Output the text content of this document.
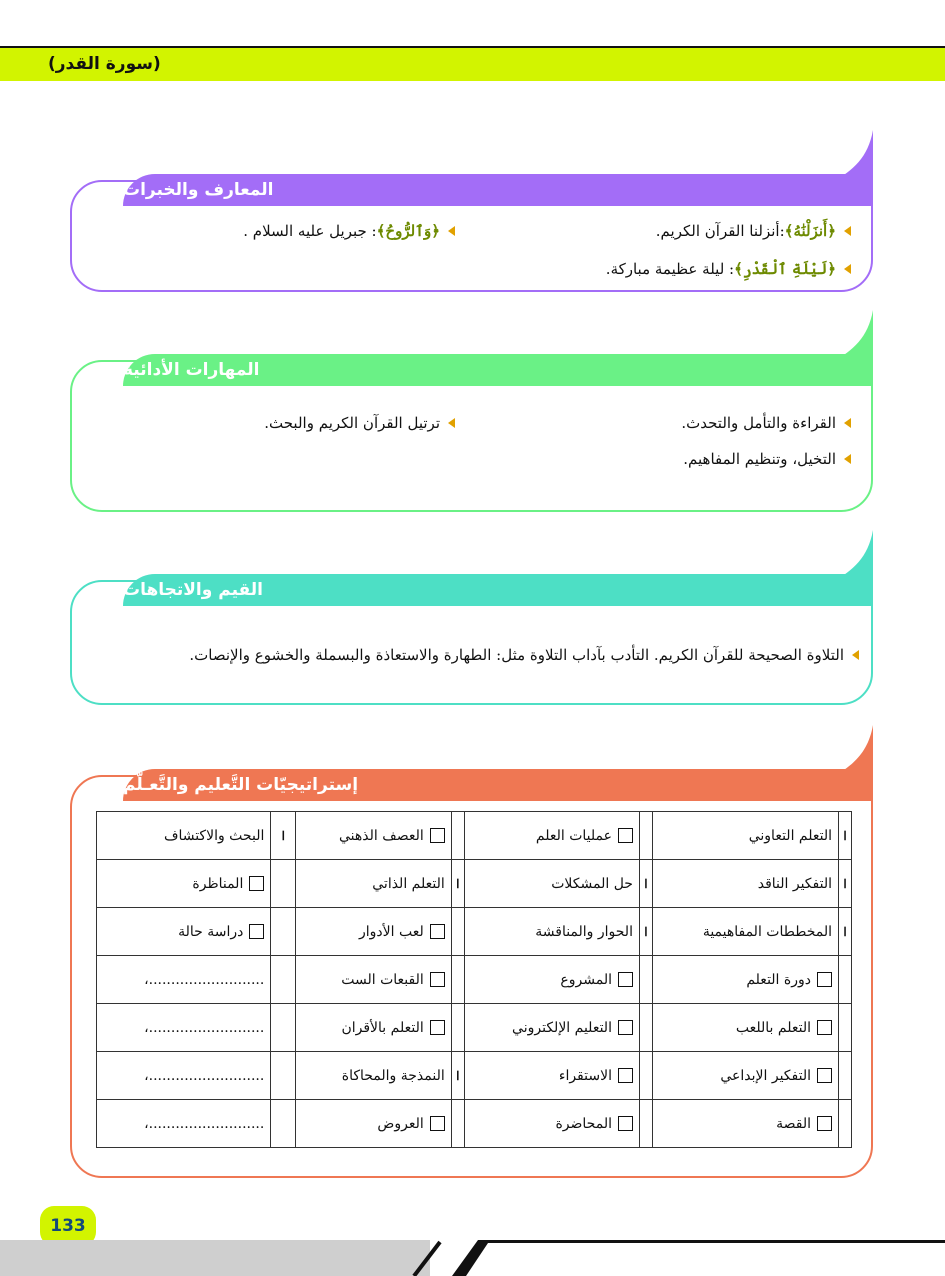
(سورة القدر)
المعارف والخبرات
﴿أَنزَلْنَٰهُ﴾
:أنزلنا القرآن الكريم.
﴿وَٱلرُّوحُ﴾
: جبريل عليه السلام .
﴿لَيْلَةِ ٱلْقَدْرِ﴾
: ليلة عظيمة مباركة.
المهارات الأدائية
القراءة والتأمل والتحدث.
ترتيل القرآن الكريم والبحث.
التخيل، وتنظيم المفاهيم.
القيم والاتجاهات
التلاوة الصحيحة للقرآن الكريم. التأدب بآداب التلاوة مثل: الطهارة والاستعاذة والبسملة والخشوع والإنصات.
إستراتيجيّات التَّعليم والتَّعـلُّم
ا	التعلم التعاوني		عمليات العلم		العصف الذهني	ا	البحث والاكتشاف
ا	التفكير الناقد	ا	حل المشكلات	ا	التعلم الذاتي		المناظرة
ا	المخططات المفاهيمية	ا	الحوار والمناقشة		لعب الأدوار		دراسة حالة
	دورة التعلم		المشروع		القبعات الست		..........................،
	التعلم باللعب		التعليم الإلكتروني		التعلم بالأقران		..........................،
	التفكير الإبداعي		الاستقراء	ا	النمذجة والمحاكاة		..........................،
	القصة		المحاضرة		العروض		..........................،
133
